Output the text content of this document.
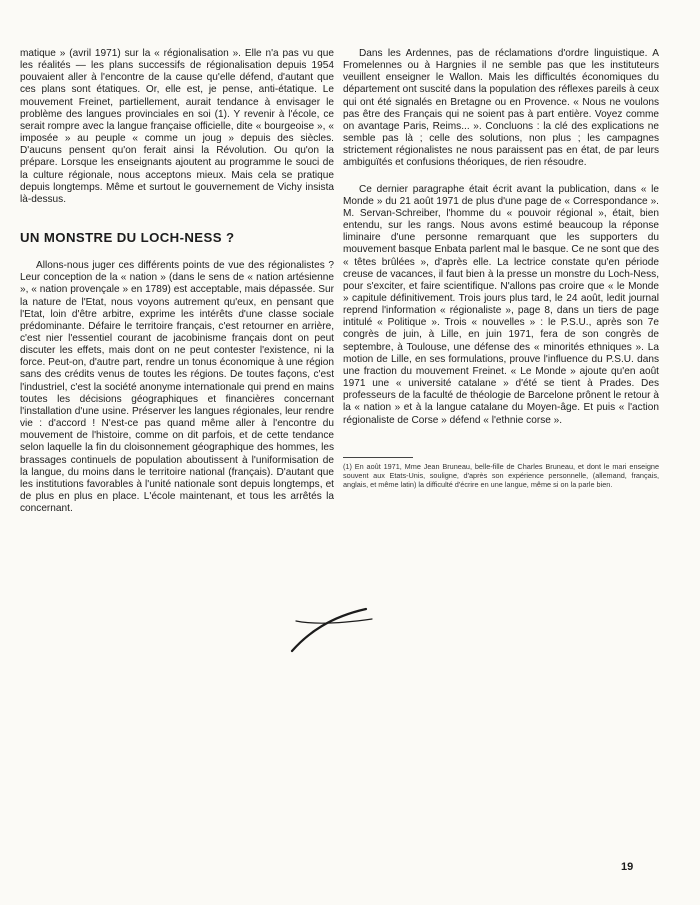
matique » (avril 1971) sur la « régionalisation ». Elle n'a pas vu que les réalités — les plans successifs de régionalisation depuis 1954 pouvaient aller à l'encontre de la cause qu'elle défend, d'autant que ces plans sont étatiques. Or, elle est, je pense, anti-étatique. Le mouvement Freinet, partiellement, aurait tendance à envisager le problème des langues provinciales en soi (1). Y revenir à l'école, ce serait rompre avec la langue française officielle, dite « bourgeoise », « imposée » au peuple « comme un joug » depuis des siècles. D'aucuns pensent qu'on ferait ainsi la Révolution. Ou qu'on la prépare. Lorsque les enseignants ajoutent au programme le souci de la culture régionale, nous acceptons mieux. Mais cela se pratique depuis longtemps. Même et surtout le gouvernement de Vichy insista là-dessus.

UN MONSTRE DU LOCH-NESS ?

Allons-nous juger ces différents points de vue des régionalistes ? Leur conception de la « nation » (dans le sens de « nation artésienne », « nation provençale » en 1789) est acceptable, mais dépassée. Sur la nature de l'Etat, nous voyons autrement qu'eux, en pensant que l'Etat, loin d'être arbitre, exprime les intérêts d'une classe sociale prédominante. Défaire le territoire français, c'est retourner en arrière, c'est nier l'essentiel courant de jacobinisme français dont on peut discuter les effets, mais dont on ne peut contester l'existence, ni la force. Peut-on, d'autre part, rendre un tonus économique à une région sans des crédits venus de toutes les régions. De toutes façons, c'est l'industriel, c'est la société anonyme internationale qui prend en mains toutes les décisions géographiques et financières concernant l'installation d'une usine. Préserver les langues régionales, leur rendre vie : d'accord ! N'est-ce pas quand même aller à l'encontre du mouvement de l'histoire, comme on dit parfois, et de cette tendance selon laquelle la fin du cloisonnement géographique des hommes, les brassages continuels de population aboutissent à l'uniformisation de la langue, du moins dans le territoire national (français). D'autant que les institutions favorables à l'unité nationale sont depuis longtemps, et de plus en plus en place. L'école maintenant, et tous les arrêtés la concernant.

Dans les Ardennes, pas de réclamations d'ordre linguistique. A Fromelennes ou à Hargnies il ne semble pas que les instituteurs veuillent enseigner le Wallon. Mais les difficultés économiques du département ont suscité dans la population des réflexes pareils à ceux qui ont été signalés en Bretagne ou en Provence. « Nous ne voulons pas être des Français qui ne soient pas à part entière. Voyez comme on avantage Paris, Reims... ». Concluons : la clé des explications ne semble pas là ; celle des solutions, non plus ; les campagnes strictement régionalistes ne nous paraissent pas en état, de par leurs ambiguïtés et confusions théoriques, de rien résoudre.

Ce dernier paragraphe était écrit avant la publication, dans « le Monde » du 21 août 1971 de plus d'une page de « Correspondance ». M. Servan-Schreiber, l'homme du « pouvoir régional », était, bien entendu, sur les rangs. Nous avons estimé beaucoup la réponse liminaire d'une personne remarquant que les supporters du mouvement basque Enbata parlent mal le basque. Ce ne sont que des « têtes brûlées », d'après elle. La lectrice constate qu'en période creuse de vacances, il faut bien à la presse un monstre du Loch-Ness, pour s'exciter, et faire scientifique. N'allons pas croire que « le Monde » capitule définitivement. Trois jours plus tard, le 24 août, ledit journal reprend l'information « régionaliste », page 8, dans un tiers de page intitulé « Politique ». Trois « nouvelles » : le P.S.U., après son 7e congrès de juin, à Lille, en juin 1971, fera de son congrès de septembre, à Toulouse, une défense des « minorités ethniques ». La motion de Lille, en ses formulations, prouve l'influence du P.S.U. dans une fraction du mouvement Freinet. « Le Monde » ajoute qu'en août 1971 une « université catalane » d'été se tient à Prades. Des professeurs de la faculté de théologie de Barcelone prônent le retour à la « nation » et à la langue catalane du Moyen-âge. Et puis « l'action régionaliste de Corse » défend « l'ethnie corse ».

(1) En août 1971, Mme Jean Bruneau, belle-fille de Charles Bruneau, et dont le mari enseigne souvent aux Etats-Unis, souligne, d'après son expérience personnelle, (allemand, français, anglais, et même latin) la difficulté d'écrire en une langue, même si on la parle bien.

19
